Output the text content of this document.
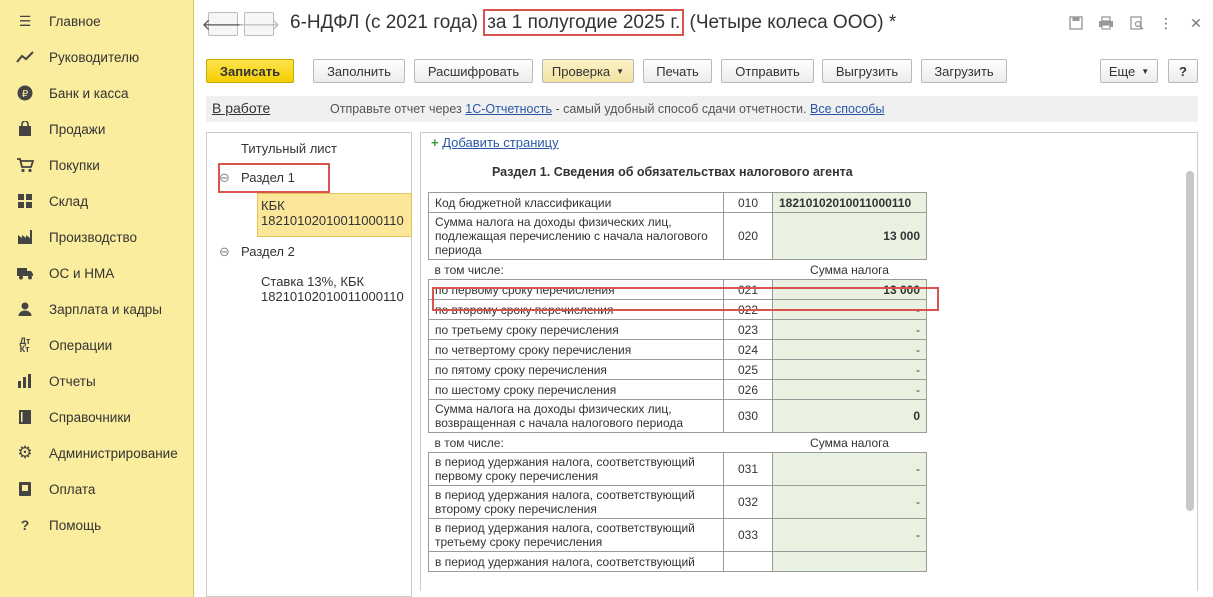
☰ Главное
Руководителю
₽ Банк и касса
Продажи
Покупки
Склад
Производство
ОС и НМА
Зарплата и кадры
Дт
Кт	Операции
Отчеты
Справочники
⚙ Администрирование
Оплата
?	Помощь
🡐
🡒 6-НДФЛ (с 2021 года) за 1 полугодие 2025 г. (Четыре колеса ООО) *	⋮ ✕
Записать	Заполнить	Расшифровать	Проверка ▼	Печать	Отправить	Выгрузить	Загрузить	Еще ▼	?
В работе	Отправьте отчет через 1С-Отчетность - самый удобный способ сдачи отчетности. Все способы
Титульный лист
⊖ Раздел 1
КБК
18210102010011000110
⊖ Раздел 2
Ставка 13%, КБК
18210102010011000110
+ Добавить страницу
Раздел 1. Сведения об обязательствах налогового агента
Код бюджетной классификации	010	18210102010011000110
Сумма налога на доходы физических лиц, подлежащая перечислению с начала налогового периода	020	13 000
в том числе:		Сумма налога
по первому сроку перечисления	021	13 000
по второму сроку перечисления	022	-
по третьему сроку перечисления	023	-
по четвертому сроку перечисления	024	-
по пятому сроку перечисления	025	-
по шестому сроку перечисления	026	-
Сумма налога на доходы физических лиц, возвращенная с начала налогового периода	030	0
в том числе:		Сумма налога
в период удержания налога, соответствующий первому сроку перечисления	031	-
в период удержания налога, соответствующий второму сроку перечисления	032	-
в период удержания налога, соответствующий третьему сроку перечисления	033	-
в период удержания налога, соответствующий		
